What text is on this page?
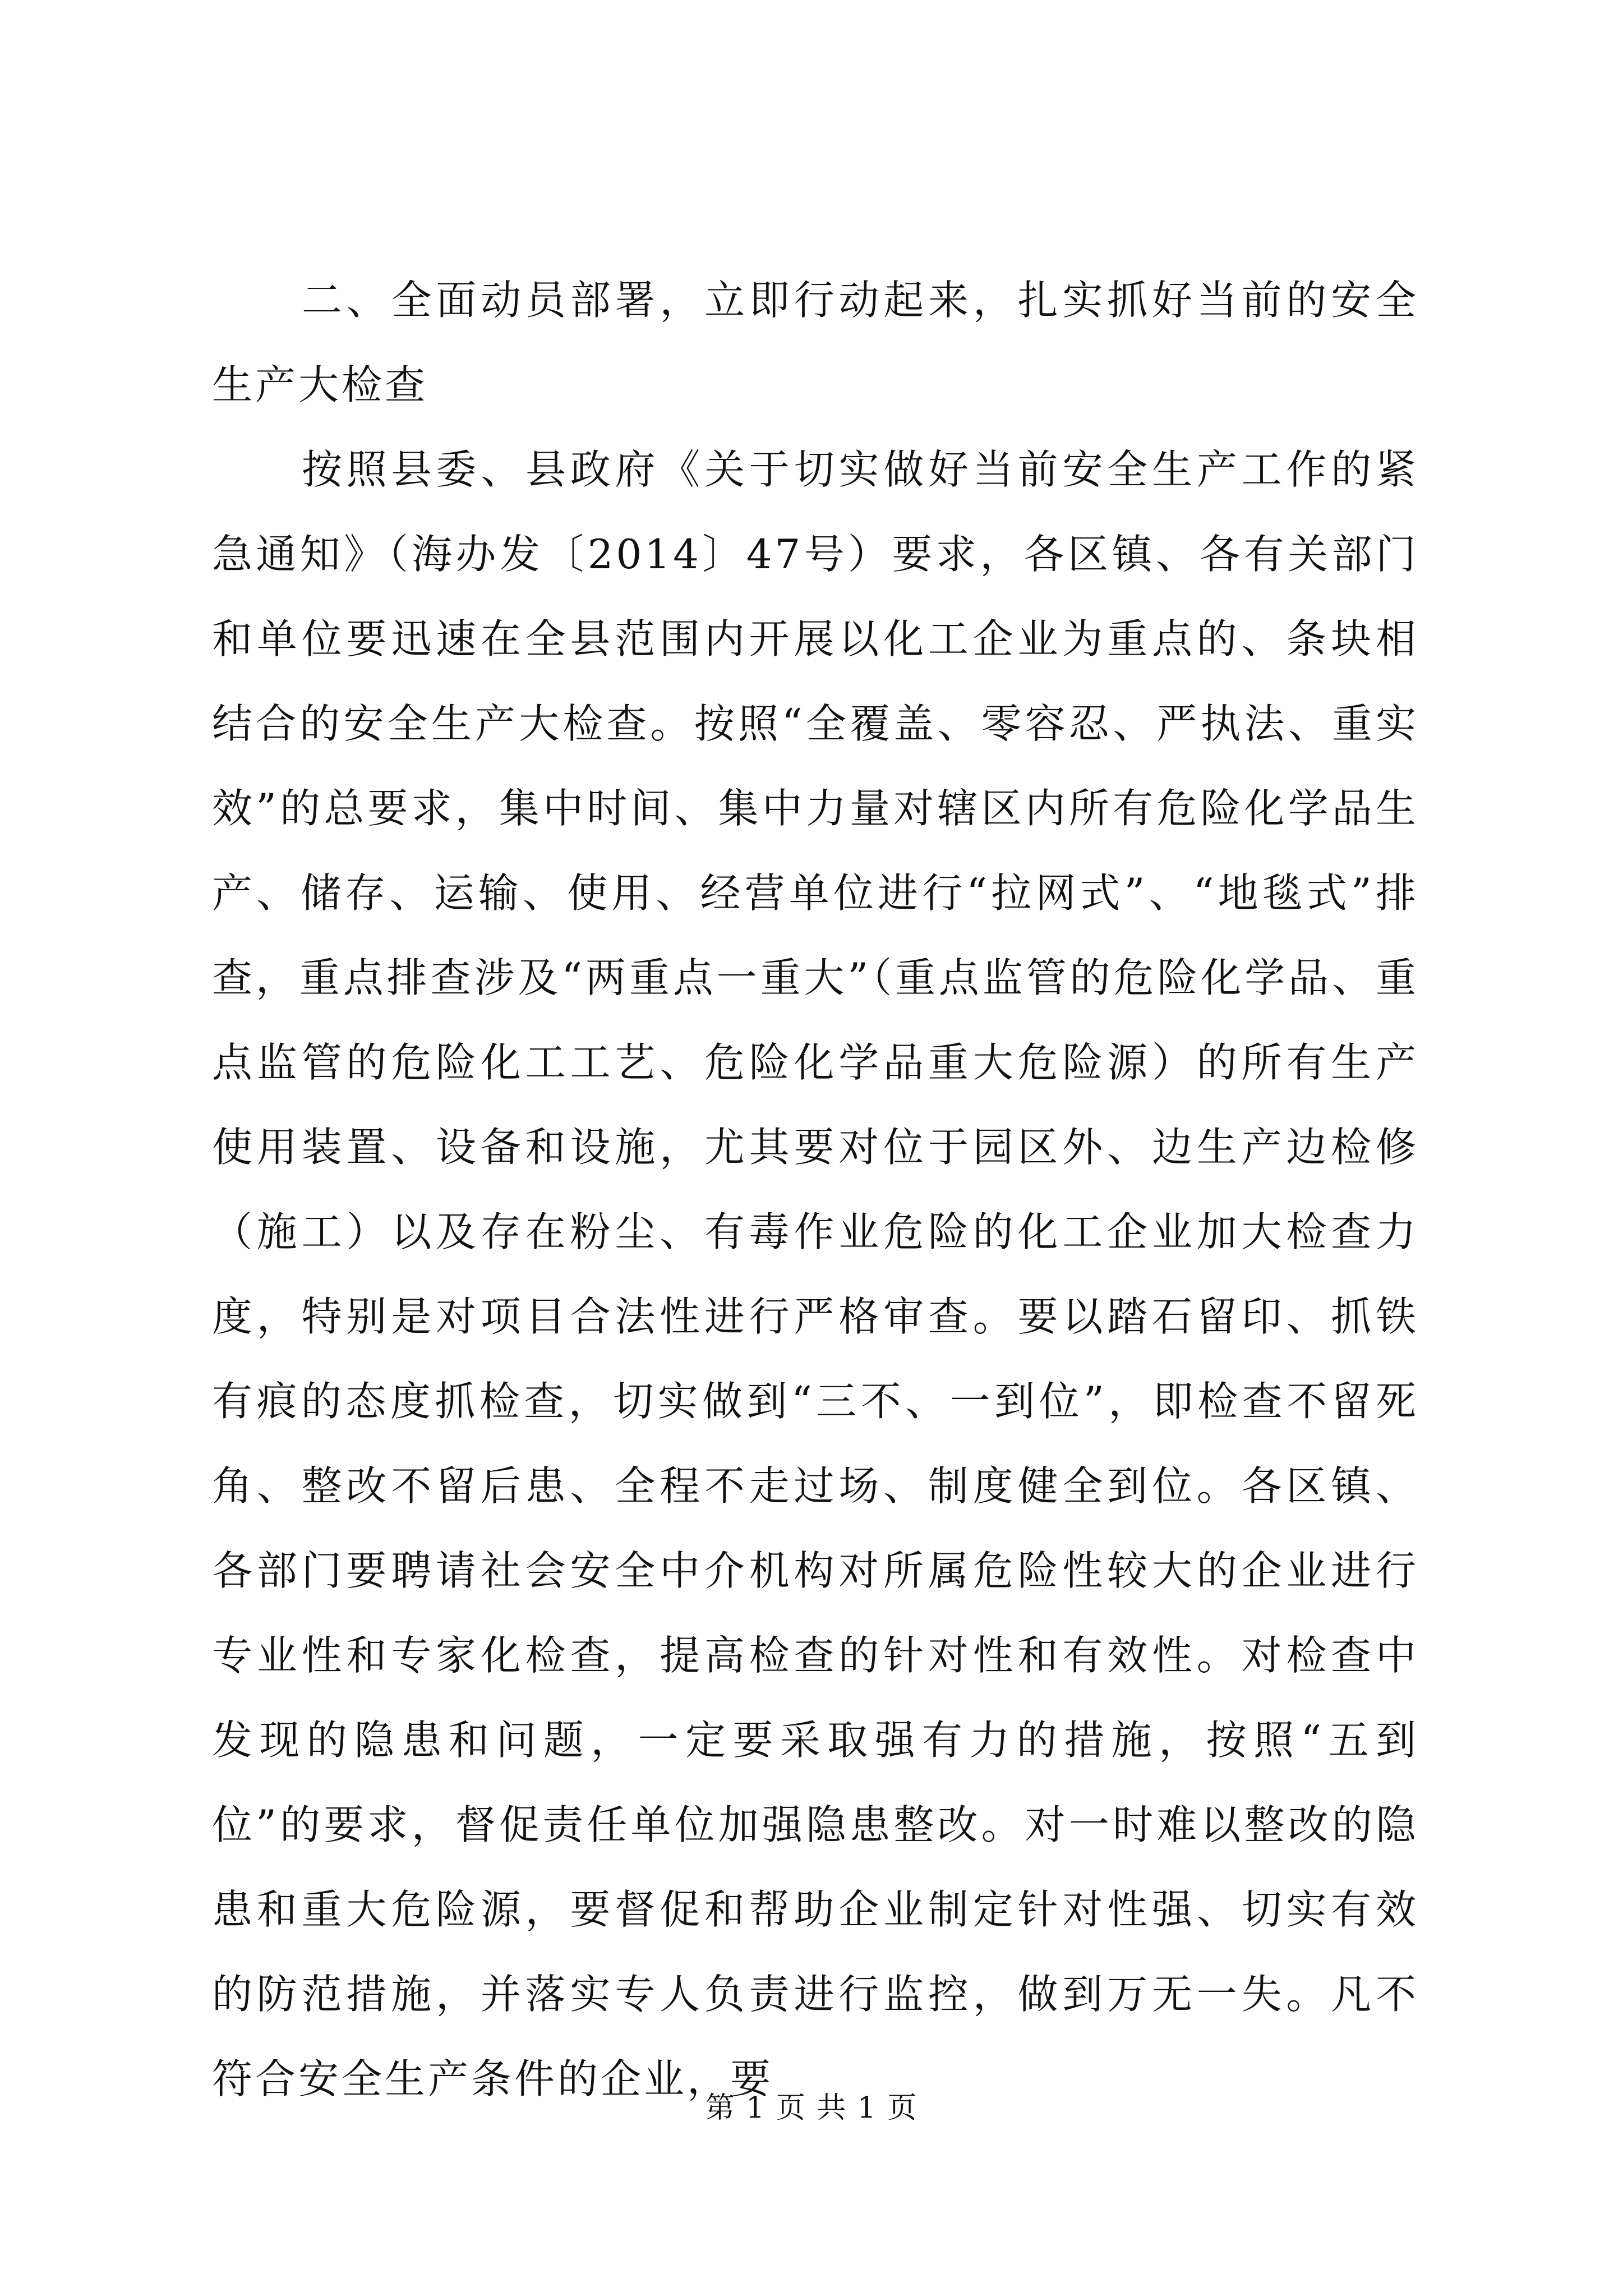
二、全面动员部署，立即行动起来，扎实抓好当前的安全生产大检查

按照县委、县政府《关于切实做好当前安全生产工作的紧急通知》（海办发〔2014〕47号）要求，各区镇、各有关部门和单位要迅速在全县范围内开展以化工企业为重点的、条块相结合的安全生产大检查。按照“全覆盖、零容忍、严执法、重实效”的总要求，集中时间、集中力量对辖区内所有危险化学品生产、储存、运输、使用、经营单位进行“拉网式”、“地毯式”排查，重点排查涉及“两重点一重大”（重点监管的危险化学品、重点监管的危险化工工艺、危险化学品重大危险源）的所有生产使用装置、设备和设施，尤其要对位于园区外、边生产边检修（施工）以及存在粉尘、有毒作业危险的化工企业加大检查力度，特别是对项目合法性进行严格审查。要以踏石留印、抓铁有痕的态度抓检查，切实做到“三不、一到位”，即检查不留死角、整改不留后患、全程不走过场、制度健全到位。各区镇、各部门要聘请社会安全中介机构对所属危险性较大的企业进行专业性和专家化检查，提高检查的针对性和有效性。对检查中发现的隐患和问题，一定要采取强有力的措施，按照“五到位”的要求，督促责任单位加强隐患整改。对一时难以整改的隐患和重大危险源，要督促和帮助企业制定针对性强、切实有效的防范措施，并落实专人负责进行监控，做到万无一失。凡不符合安全生产条件的企业，要

第 1 页 共 1 页
